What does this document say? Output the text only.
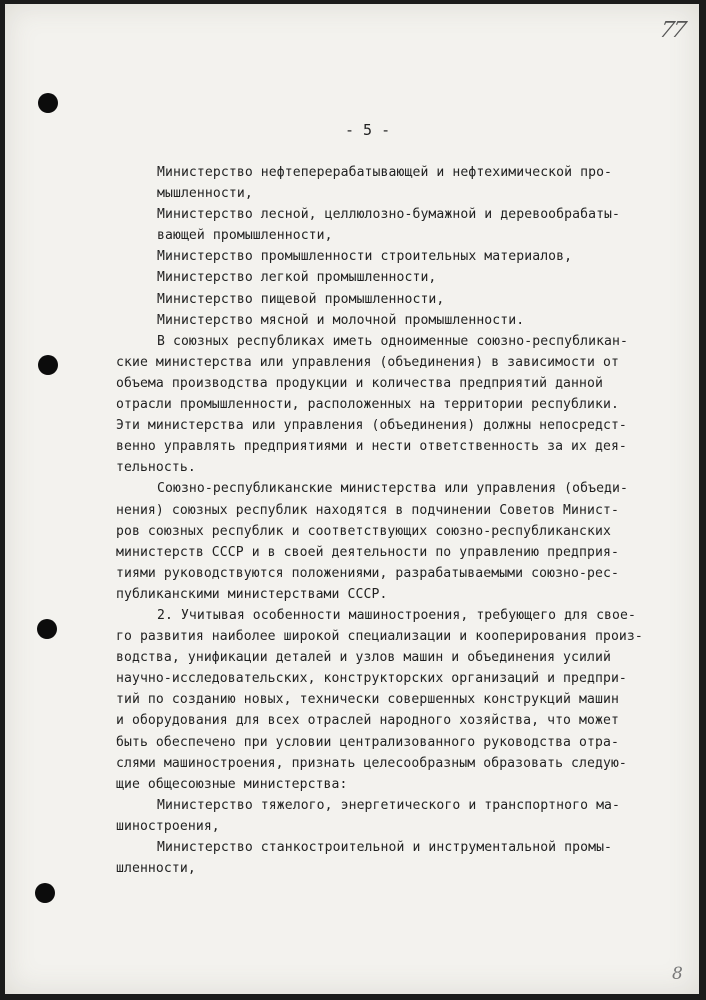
77
8
- 5 -
Министерство нефтеперерабатывающей и нефтехимической про-
мышленности,
Министерство лесной, целлюлозно-бумажной и деревообрабаты-
вающей промышленности,
Министерство промышленности строительных материалов,
Министерство легкой промышленности,
Министерство пищевой промышленности,
Министерство мясной и молочной промышленности.
В союзных республиках иметь одноименные союзно-республикан-
ские министерства или управления (объединения) в зависимости от
объема производства продукции и количества предприятий данной
отрасли промышленности, расположенных на территории республики.
Эти министерства или управления (объединения) должны непосредст-
венно управлять предприятиями и нести ответственность за их дея-
тельность.
Союзно-республиканские министерства или управления (объеди-
нения) союзных республик находятся в подчинении Советов Минист-
ров союзных республик и соответствующих союзно-республиканских
министерств СССР и в своей деятельности по управлению предприя-
тиями руководствуются положениями, разрабатываемыми союзно-рес-
публиканскими министерствами СССР.
2. Учитывая особенности машиностроения, требующего для свое-
го развития наиболее широкой специализации и кооперирования произ-
водства, унификации деталей и узлов машин и объединения усилий
научно-исследовательских, конструкторских организаций и предпри-
тий по созданию новых, технически совершенных конструкций машин
и оборудования для всех отраслей народного хозяйства, что может
быть обеспечено при условии централизованного руководства отра-
слями машиностроения, признать целесообразным образовать следую-
щие общесоюзные министерства:
Министерство тяжелого, энергетического и транспортного ма-
шиностроения,
Министерство станкостроительной и инструментальной промы-
шленности,
